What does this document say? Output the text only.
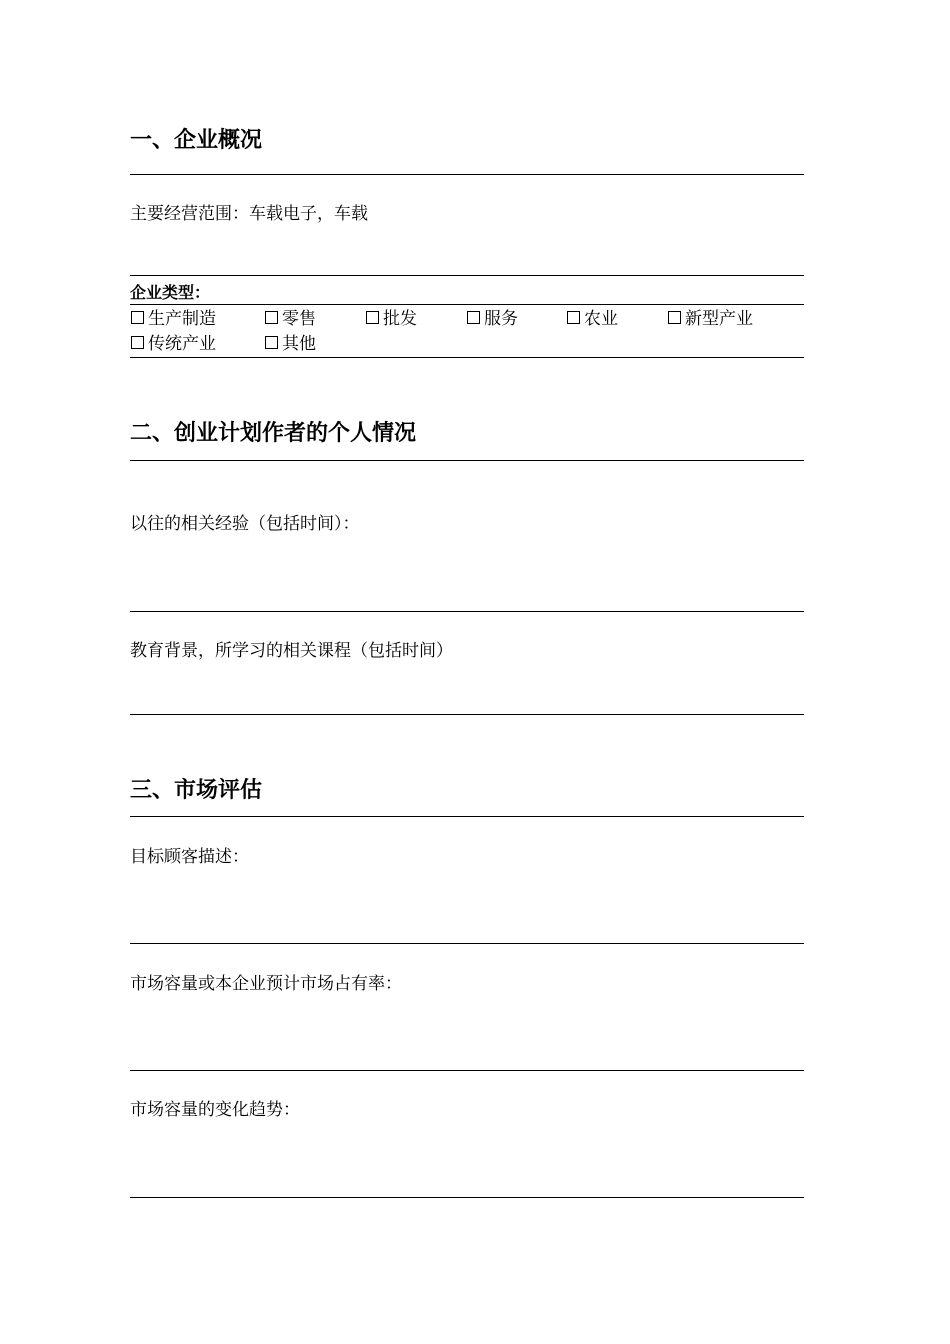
一、企业概况
主要经营范围：车载电子，车载
企业类型：
生产制造	零售	批发	服务	农业	新型产业
传统产业	其他
二、创业计划作者的个人情况
以往的相关经验（包括时间）：
教育背景，所学习的相关课程（包括时间）
三、市场评估
目标顾客描述：
市场容量或本企业预计市场占有率：
市场容量的变化趋势：
